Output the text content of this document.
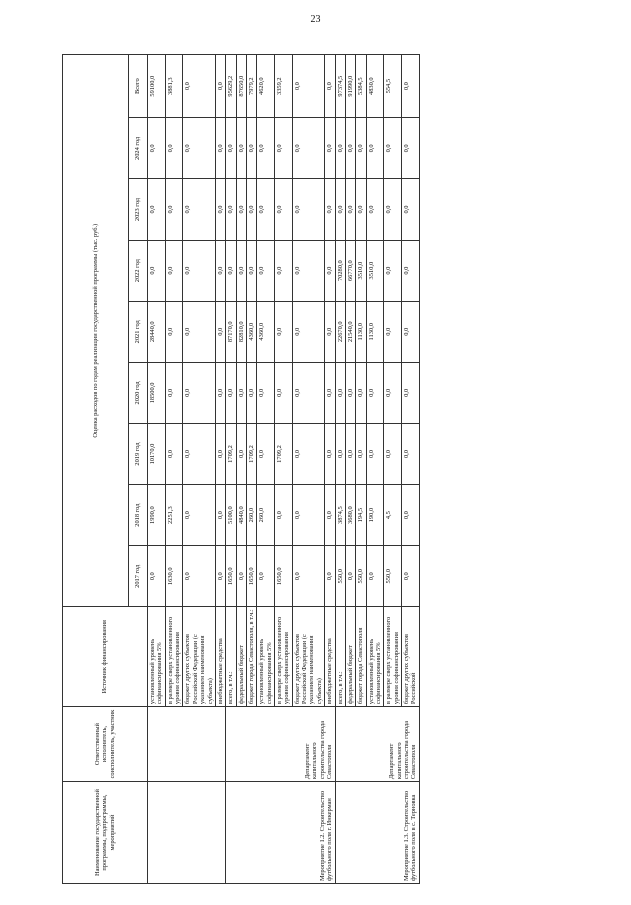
23
Наименование государственной программы, подпрограммы, мероприятий	Ответственный исполнитель, соисполнитель, участник	Источник финансирования	Оценка расходов по годам реализации государственной программы (тыс. руб.)								
			2017 год	2018 год	2019 год	2020 год	2021 год	2022 год	2023 год	2024 год	Всего
		установленный уровень софинансирования 5%	0,0	1990,0	10170,0	18500,0	28440,0	0,0	0,0	0,0	59100,0
		в размере сверх установленного уровня софинансирования	1630,0	2251,3	0,0	0,0	0,0	0,0	0,0	0,0	3881,3
		бюджет других субъектов Российской Федерации (с указанием наименования субъекта)	0,0	0,0	0,0	0,0	0,0	0,0	0,0	0,0	0,0
		внебюджетные средства	0,0	0,0	0,0	0,0	0,0	0,0	0,0	0,0	0,0
Мероприятие 1.2. Строительство футбольного поля г. Инкерман	Департамент капитального строительства города Севастополя	всего, в т.ч.:	1650,0	5100,0	1709,2	0,0	87170,0	0,0	0,0	0,0	95629,2
		федеральный бюджет	0,0	4840,0	0,0	0,0	82810,0	0,0	0,0	0,0	87650,0
		бюджет города Севастополя, в т.ч.:	1650,0	260,0	1709,2	0,0	4360,0	0,0	0,0	0,0	7979,2
		установленный уровень софинансирования 5%	0,0	260,0	0,0	0,0	4360,0	0,0	0,0	0,0	4620,0
		в размере сверх установленного уровня софинансирования	1650,0	0,0	1709,2	0,0	0,0	0,0	0,0	0,0	3359,2
		бюджет других субъектов Российской Федерации (с указанием наименования субъекта)	0,0	0,0	0,0	0,0	0,0	0,0	0,0	0,0	0,0
		внебюджетные средства	0,0	0,0	0,0	0,0	0,0	0,0	0,0	0,0	0,0
Мероприятие 1.3. Строительство футбольного поля в с. Терновка	Департамент капитального строительства города Севастополя	всего, в т.ч.:	550,0	3874,5	0,0	0,0	22670,0	70280,0	0,0	0,0	97374,5
		федеральный бюджет	0,0	3680,0	0,0	0,0	21540,0	66770,0	0,0	0,0	91990,0
		бюджет города Севастополя	550,0	194,5	0,0	0,0	1130,0	3510,0	0,0	0,0	5384,5
		установленный уровень софинансирования 5%	0,0	190,0	0,0	0,0	1130,0	3510,0	0,0	0,0	4830,0
		в размере сверх установленного уровня софинансирования	550,0	4,5	0,0	0,0	0,0	0,0	0,0	0,0	554,5
		бюджет других субъектов Российской	0,0	0,0	0,0	0,0	0,0	0,0	0,0	0,0	0,0
